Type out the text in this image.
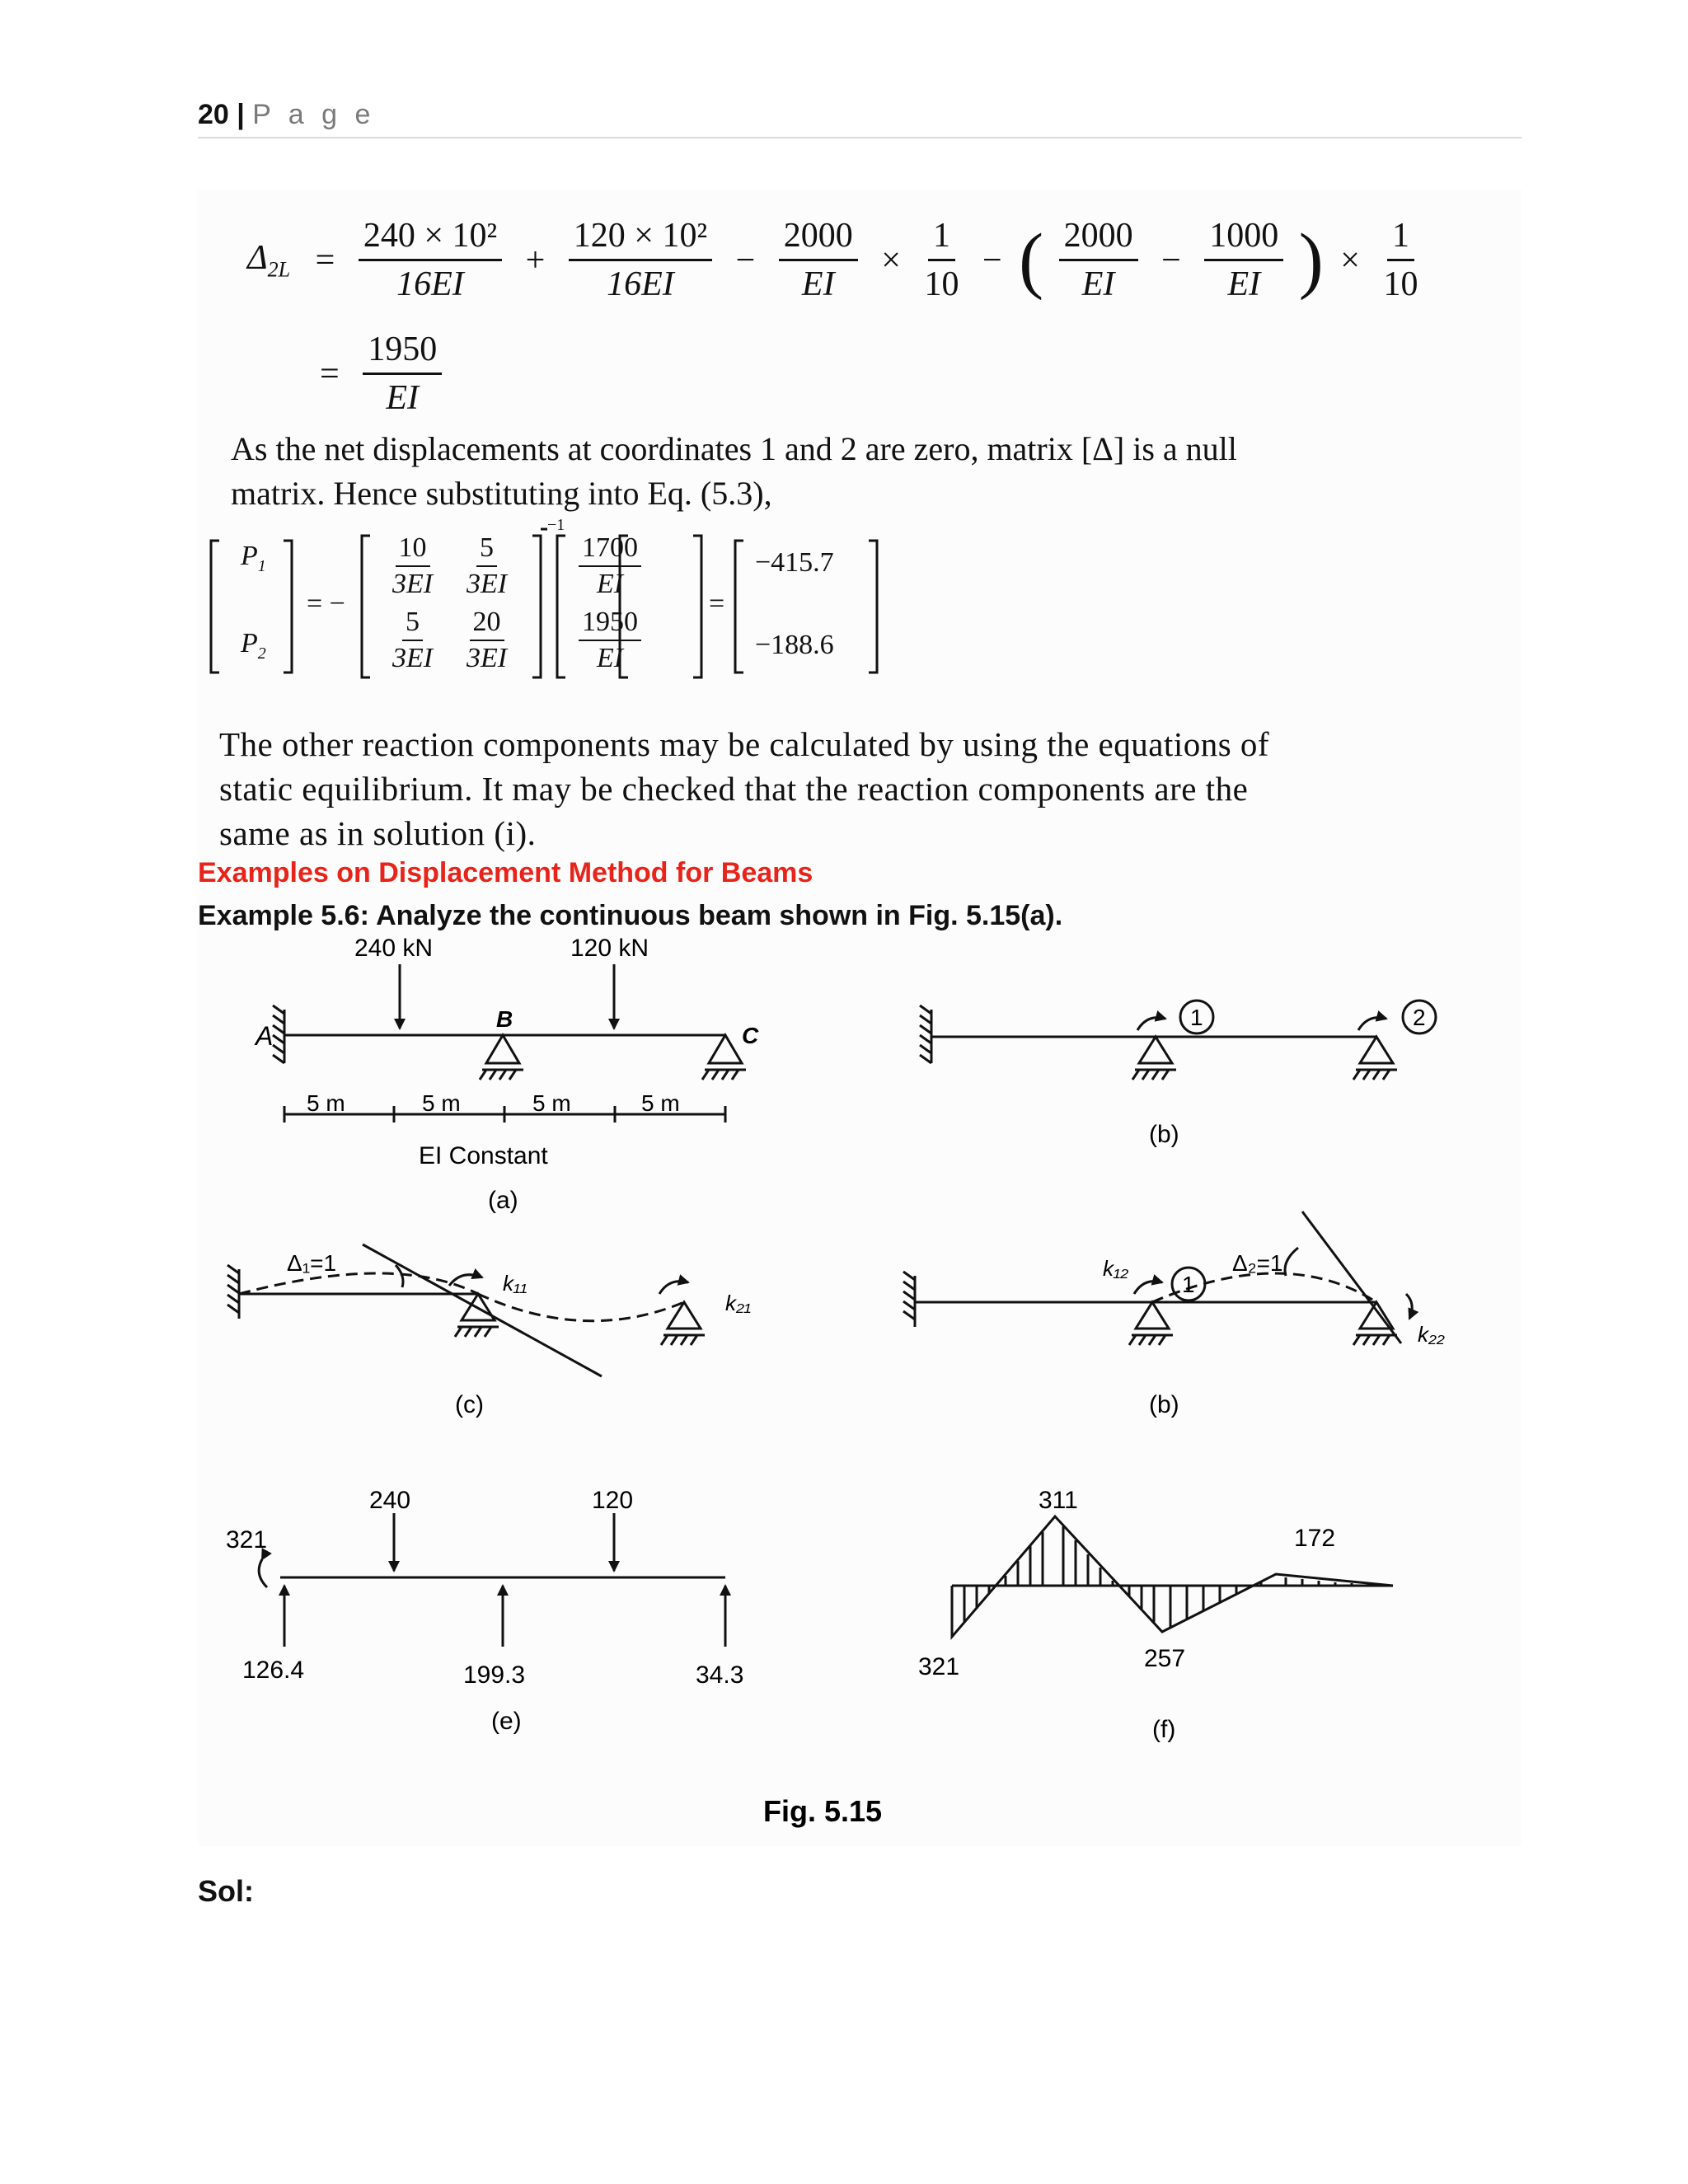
20 | P a g e
$\Delta_{2L} = \frac{\text{240 × 10²}}{16EI} + \frac{\text{120 × 10²}}{16EI} - \frac{2000}{EI} \times \frac{1}{10}$ − ( $\frac{2000}{EI} - \frac{1000}{EI}$ ) × $\frac{1}{10}$
= $\frac{1950}{EI}$
As the net displacements at coordinates 1 and 2 are zero, matrix [Δ] is a null
matrix. Hence substituting into Eq. (5.3),
$P_1$
$P_2$
= −
$\frac{10}{3EI} \frac{5}{3EI}$
$\frac{5}{3EI} \frac{20}{3EI}$
−1
$\frac{1700}{EI}$
$\frac{1950}{EI}$
=
−415.7
−188.6
The other reaction components may be calculated by using the equations of
static equilibrium. It may be checked that the reaction components are the
same as in solution (i).
Examples on Displacement Method for Beams
Example 5.6: Analyze the continuous beam shown in Fig. 5.15(a).
240 kN	120 kN
A
B
C
5 m	5 m	5 m	5 m
EI Constant
(a)
1	2
(b)
Δ₁=1
k₁₁
k₂₁
(c)
k₁₂
1
Δ₂=1
k₂₂
(b)
240	120
321
126.4	199.3	34.3
(e)
311
172
321	257
(f)
Fig. 5.15
Sol:
